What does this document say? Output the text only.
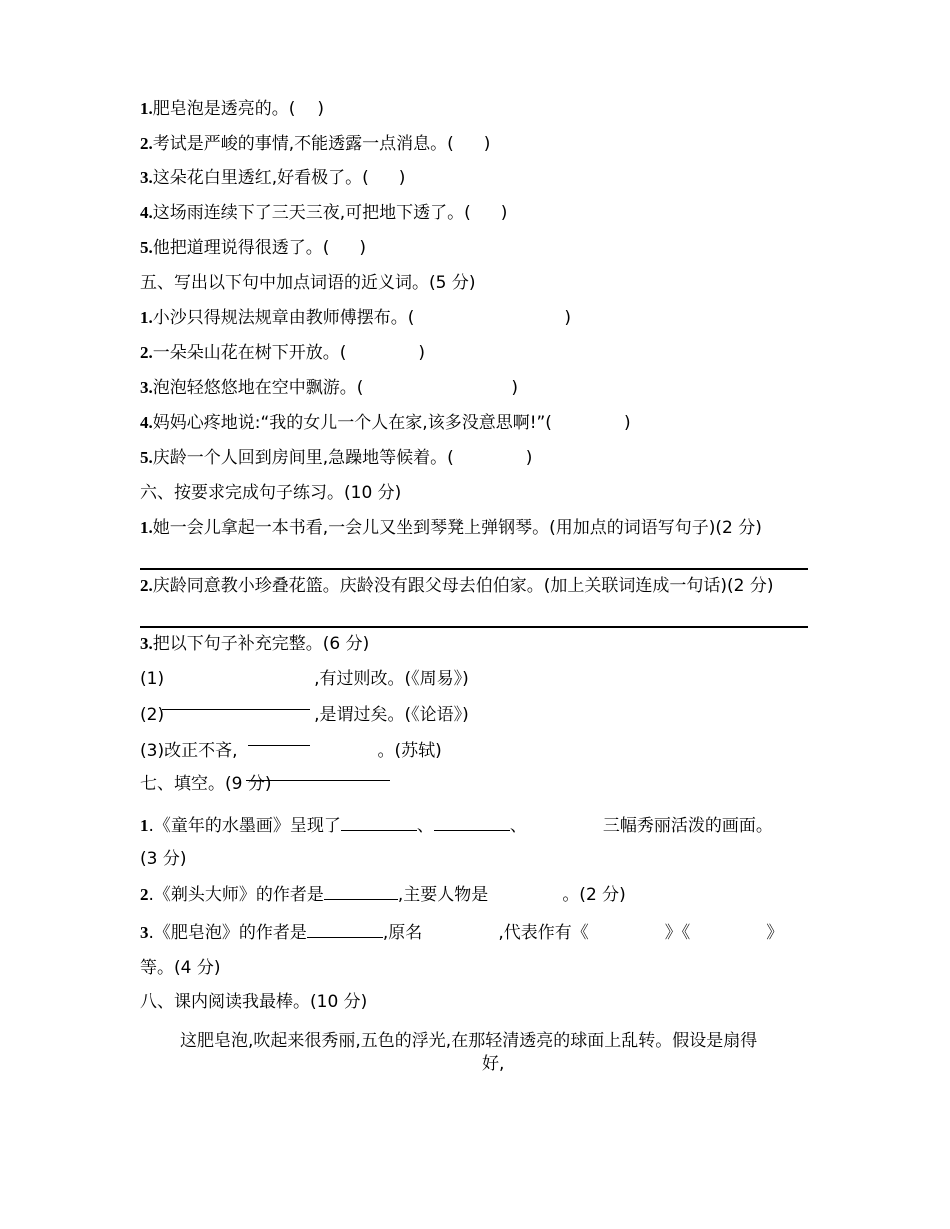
1.肥皂泡是透亮的。( )
2.考试是严峻的事情,不能透露一点消息。( )
3.这朵花白里透红,好看极了。( )
4.这场雨连续下了三天三夜,可把地下透了。( )
5.他把道理说得很透了。( )
五、写出以下句中加点词语的近义词。(5 分)
1.小沙只得规法规章由教师傅摆布。(	)
2.一朵朵山花在树下开放。(	)
3.泡泡轻悠悠地在空中飘游。(	)
4.妈妈心疼地说:“我的女儿一个人在家,该多没意思啊!”(	)
5.庆龄一个人回到房间里,急躁地等候着。(	)
六、按要求完成句子练习。(10 分)
1.她一会儿拿起一本书看,一会儿又坐到琴凳上弹钢琴。(用加点的词语写句子)(2 分)
2.庆龄同意教小珍叠花篮。庆龄没有跟父母去伯伯家。(加上关联词连成一句话)(2 分)
3.把以下句子补充完整。(6 分)
(1)	,有过则改。(《周易》)
(2)	,是谓过矣。(《论语》)
(3)改正不吝,	。(苏轼)
七、填空。(9 分)
1.《童年的水墨画》呈现了	、	、	三幅秀丽活泼的画面。
(3 分)
2.《剃头大师》的作者是	,主要人物是	。(2 分)
3.《肥皂泡》的作者是	,原名	,代表作有《	》《	》
等。(4 分)
八、课内阅读我最棒。(10 分)
这肥皂泡,吹起来很秀丽,五色的浮光,在那轻清透亮的球面上乱转。假设是扇得
好,
